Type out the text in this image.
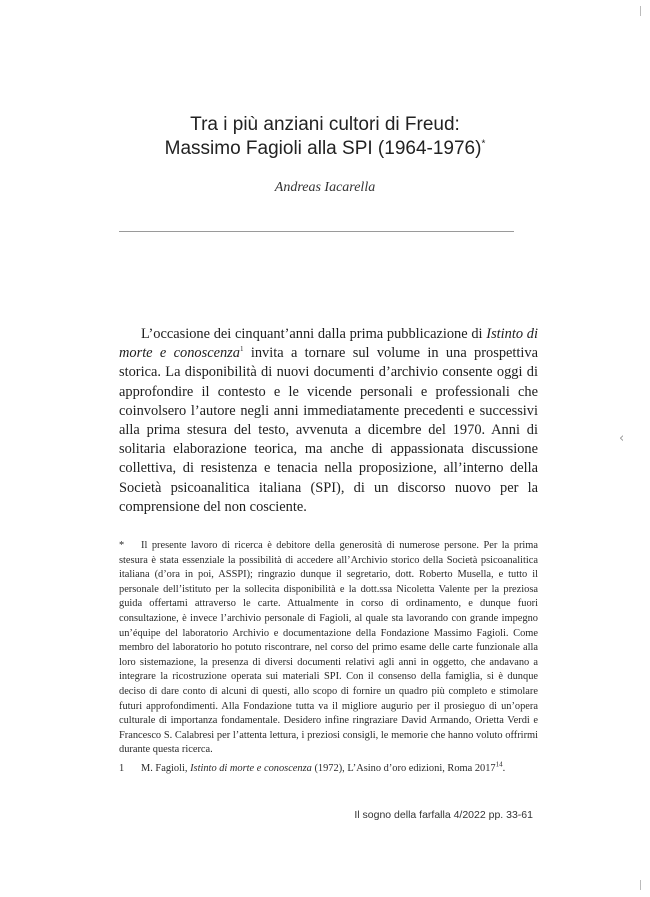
‹
Tra i più anziani cultori di Freud:
Massimo Fagioli alla SPI (1964-1976)*
Andreas Iacarella

L’occasione dei cinquant’anni dalla prima pubblicazione di Istinto di morte e conoscenza$^1$ invita a tornare sul volume in una prospettiva storica. La disponibilità di nuovi documenti d’archivio consente oggi di approfondire il contesto e le vicende personali e professionali che coinvolsero l’autore negli anni immediatamente precedenti e successivi alla prima stesura del testo, avvenuta a dicembre del 1970. Anni di solitaria elaborazione teorica, ma anche di appassionata discussione collettiva, di resistenza e tenacia nella proposizione, all’interno della Società psicoanalitica italiana (SPI), di un discorso nuovo per la comprensione del non cosciente.

* Il presente lavoro di ricerca è debitore della generosità di numerose persone. Per la prima stesura è stata essenziale la possibilità di accedere all’Archivio storico della Società psicoanalitica italiana (d’ora in poi, ASSPI); ringrazio dunque il segretario, dott. Roberto Musella, e tutto il personale dell’istituto per la sollecita disponibilità e la dott.ssa Nicoletta Valente per la preziosa guida offertami attraverso le carte. Attualmente in corso di ordinamento, e dunque fuori consultazione, è invece l’archivio personale di Fagioli, al quale sta lavorando con grande impegno un’équipe del laboratorio Archivio e documentazione della Fondazione Massimo Fagioli. Come membro del laboratorio ho potuto riscontrare, nel corso del primo esame delle carte funzionale alla loro sistemazione, la presenza di diversi documenti relativi agli anni in oggetto, che andavano a integrare la ricostruzione operata sui materiali SPI. Con il consenso della famiglia, si è dunque deciso di dare conto di alcuni di questi, allo scopo di fornire un quadro più completo e stimolare futuri approfondimenti. Alla Fondazione tutta va il migliore augurio per il prosieguo di un’opera culturale di importanza fondamentale. Desidero infine ringraziare David Armando, Orietta Verdi e Francesco S. Calabresi per l’attenta lettura, i preziosi consigli, le memorie che hanno voluto offrirmi durante questa ricerca.

1 M. Fagioli, Istinto di morte e conoscenza (1972), L’Asino d’oro edizioni, Roma 2017$^{14}$.

Il sogno della farfalla 4/2022 pp. 33-61
